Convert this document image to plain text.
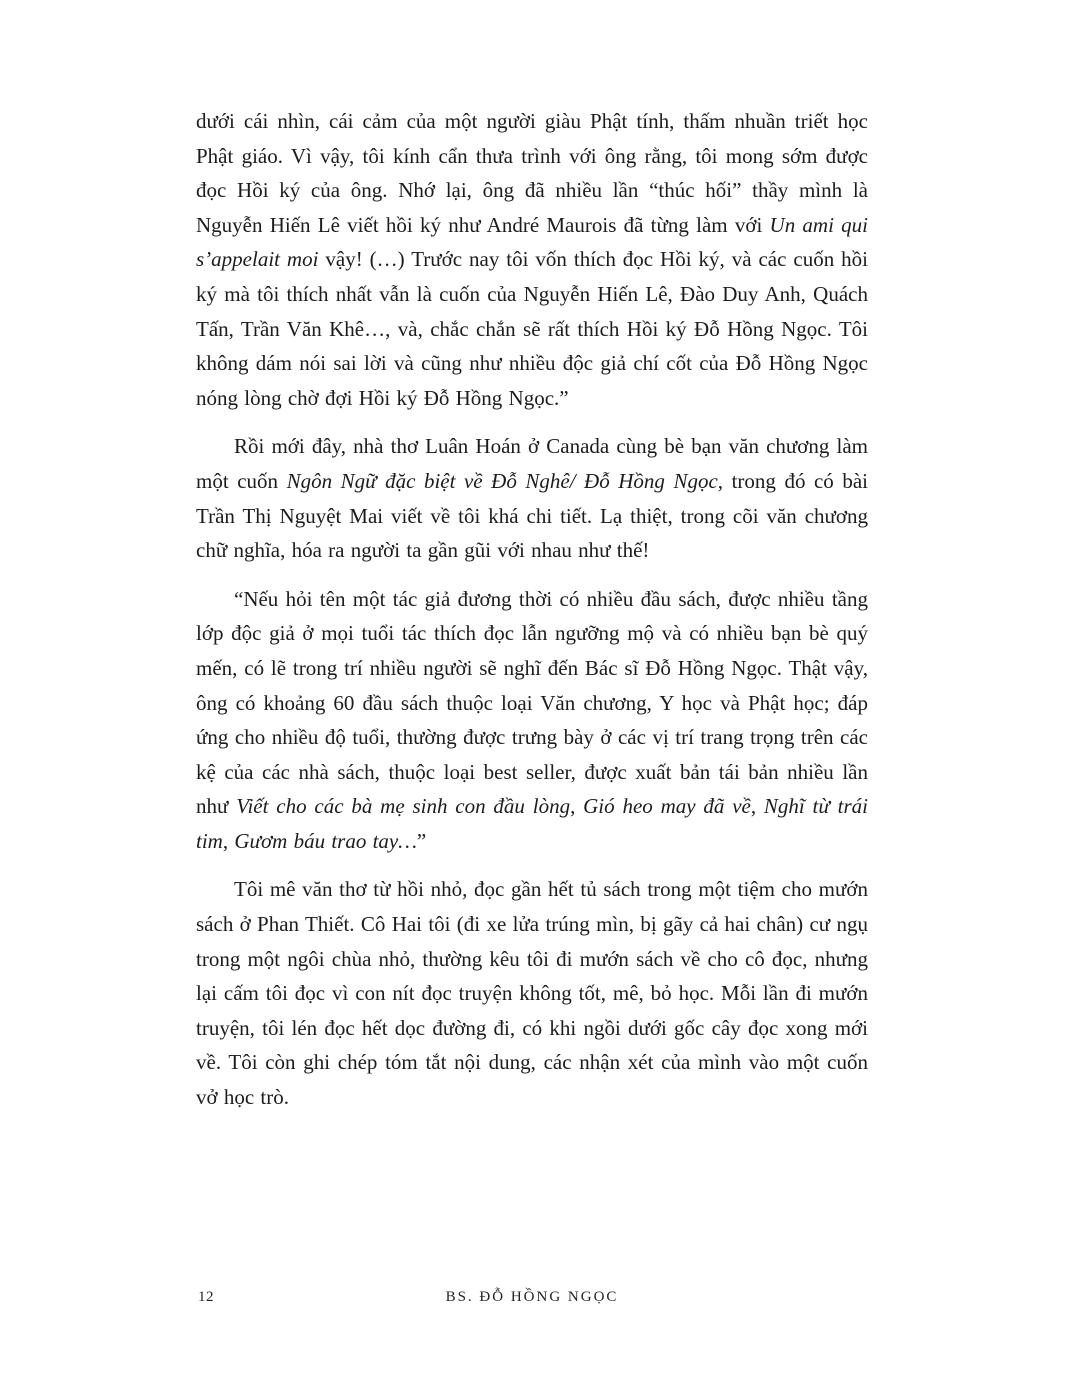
dưới cái nhìn, cái cảm của một người giàu Phật tính, thấm nhuần triết học Phật giáo. Vì vậy, tôi kính cẩn thưa trình với ông rằng, tôi mong sớm được đọc Hồi ký của ông. Nhớ lại, ông đã nhiều lần “thúc hối” thầy mình là Nguyễn Hiến Lê viết hồi ký như André Maurois đã từng làm với Un ami qui s’appelait moi vậy! (…) Trước nay tôi vốn thích đọc Hồi ký, và các cuốn hồi ký mà tôi thích nhất vẫn là cuốn của Nguyễn Hiến Lê, Đào Duy Anh, Quách Tấn, Trần Văn Khê…, và, chắc chắn sẽ rất thích Hồi ký Đỗ Hồng Ngọc. Tôi không dám nói sai lời và cũng như nhiều độc giả chí cốt của Đỗ Hồng Ngọc nóng lòng chờ đợi Hồi ký Đỗ Hồng Ngọc.”

Rồi mới đây, nhà thơ Luân Hoán ở Canada cùng bè bạn văn chương làm một cuốn Ngôn Ngữ đặc biệt về Đỗ Nghê/ Đỗ Hồng Ngọc, trong đó có bài Trần Thị Nguyệt Mai viết về tôi khá chi tiết. Lạ thiệt, trong cõi văn chương chữ nghĩa, hóa ra người ta gần gũi với nhau như thế!

“Nếu hỏi tên một tác giả đương thời có nhiều đầu sách, được nhiều tầng lớp độc giả ở mọi tuổi tác thích đọc lẫn ngưỡng mộ và có nhiều bạn bè quý mến, có lẽ trong trí nhiều người sẽ nghĩ đến Bác sĩ Đỗ Hồng Ngọc. Thật vậy, ông có khoảng 60 đầu sách thuộc loại Văn chương, Y học và Phật học; đáp ứng cho nhiều độ tuổi, thường được trưng bày ở các vị trí trang trọng trên các kệ của các nhà sách, thuộc loại best seller, được xuất bản tái bản nhiều lần như Viết cho các bà mẹ sinh con đầu lòng, Gió heo may đã về, Nghĩ từ trái tim, Gươm báu trao tay…”

Tôi mê văn thơ từ hồi nhỏ, đọc gần hết tủ sách trong một tiệm cho mướn sách ở Phan Thiết. Cô Hai tôi (đi xe lửa trúng mìn, bị gãy cả hai chân) cư ngụ trong một ngôi chùa nhỏ, thường kêu tôi đi mướn sách về cho cô đọc, nhưng lại cấm tôi đọc vì con nít đọc truyện không tốt, mê, bỏ học. Mỗi lần đi mướn truyện, tôi lén đọc hết dọc đường đi, có khi ngồi dưới gốc cây đọc xong mới về. Tôi còn ghi chép tóm tắt nội dung, các nhận xét của mình vào một cuốn vở học trò.

12	BS. ĐỖ HỒNG NGỌC
